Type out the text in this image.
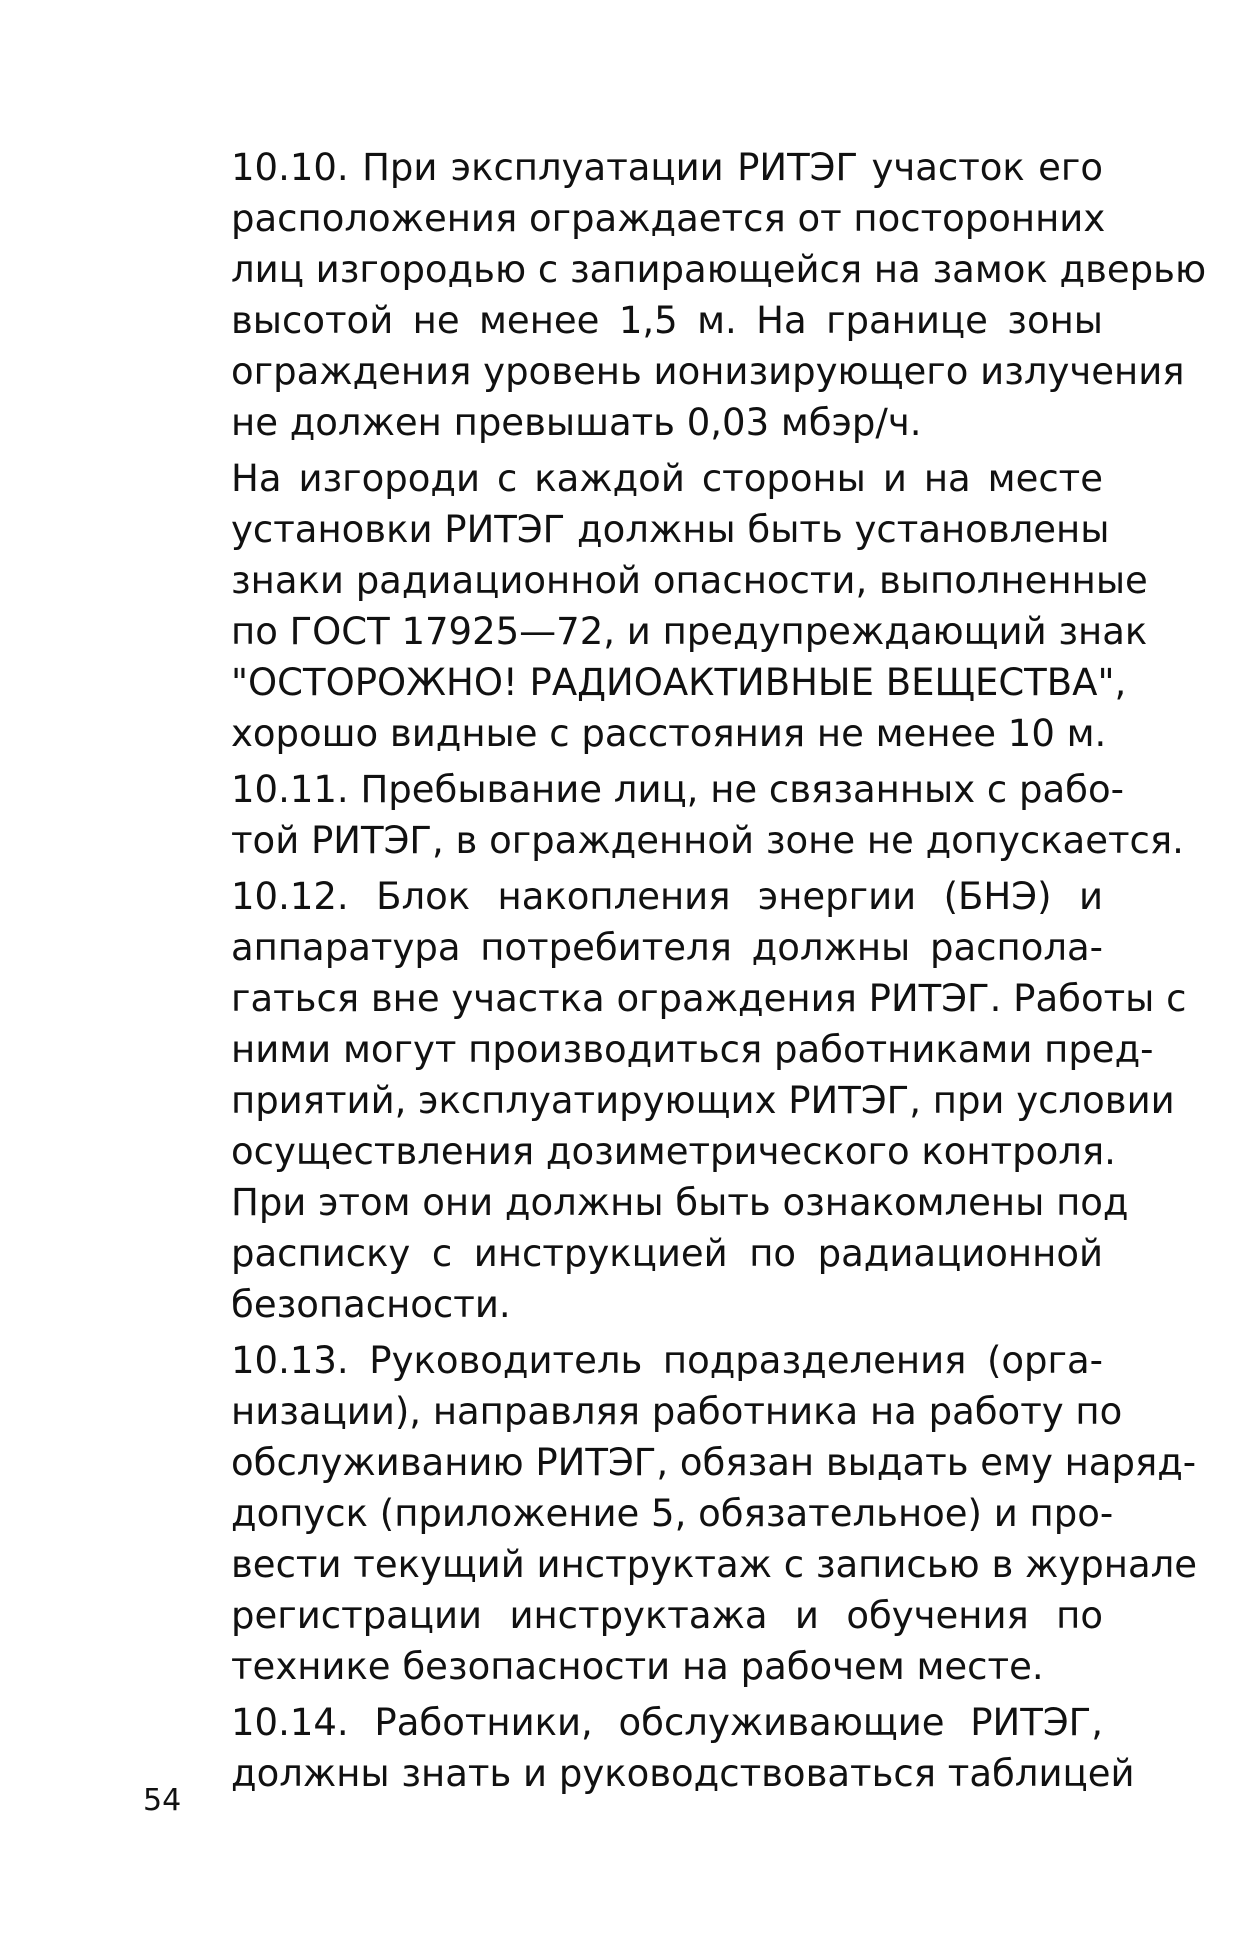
10.10. При эксплуатации РИТЭГ участок его
расположения ограждается от посторонних
лиц изгородью с запирающейся на замок дверью
высотой не менее 1,5 м. На границе зоны
ограждения уровень ионизирующего излучения
не должен превышать 0,03 мбэр/ч.

На изгороди с каждой стороны и на месте
установки РИТЭГ должны быть установлены
знаки радиационной опасности, выполненные
по ГОСТ 17925—72, и предупреждающий знак
"ОСТОРОЖНО! РАДИОАКТИВНЫЕ ВЕЩЕСТВА",
хорошо видные с расстояния не менее 10 м.

10.11. Пребывание лиц, не связанных с рабо-
той РИТЭГ, в огражденной зоне не допускается.

10.12. Блок накопления энергии (БНЭ) и
аппаратура потребителя должны распола-
гаться вне участка ограждения РИТЭГ. Работы с
ними могут производиться работниками пред-
приятий, эксплуатирующих РИТЭГ, при условии
осуществления дозиметрического контроля.
При этом они должны быть ознакомлены под
расписку с инструкцией по радиационной
безопасности.

10.13. Руководитель подразделения (орга-
низации), направляя работника на работу по
обслуживанию РИТЭГ, обязан выдать ему наряд-
допуск (приложение 5, обязательное) и про-
вести текущий инструктаж с записью в журнале
регистрации инструктажа и обучения по
технике безопасности на рабочем месте.

10.14. Работники, обслуживающие РИТЭГ,
должны знать и руководствоваться таблицей

54
